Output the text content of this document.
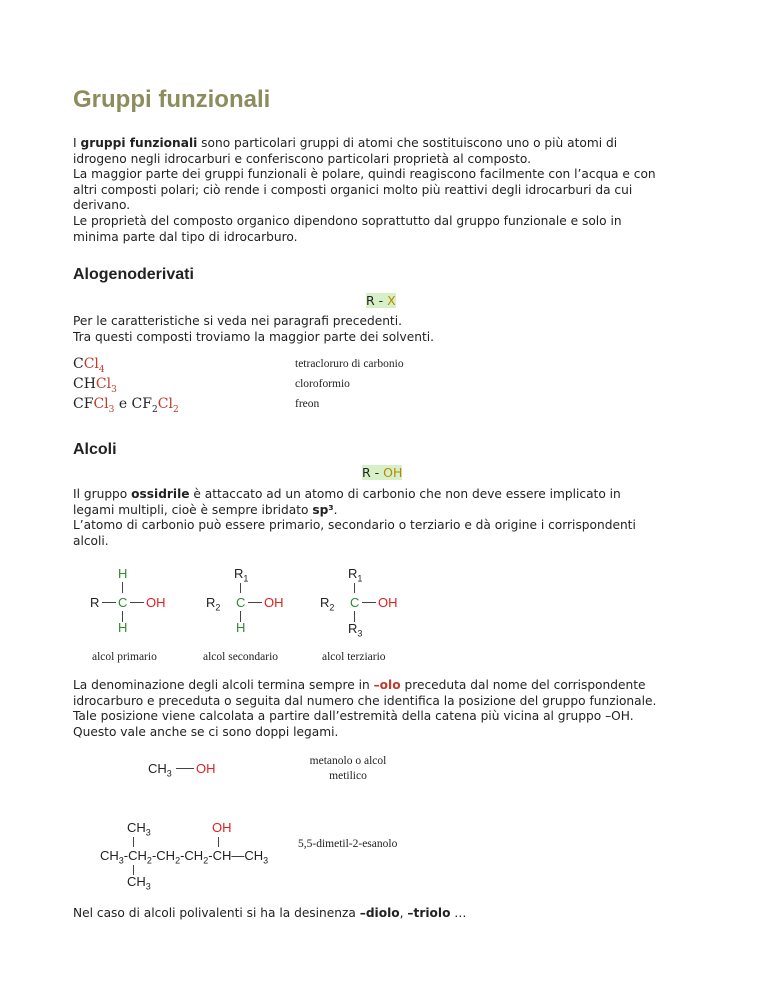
Gruppi funzionali
I gruppi funzionali sono particolari gruppi di atomi che sostituiscono uno o più atomi di
idrogeno negli idrocarburi e conferiscono particolari proprietà al composto.
La maggior parte dei gruppi funzionali è polare, quindi reagiscono facilmente con l’acqua e con
altri composti polari; ciò rende i composti organici molto più reattivi degli idrocarburi da cui
derivano.
Le proprietà del composto organico dipendono soprattutto dal gruppo funzionale e solo in
minima parte dal tipo di idrocarburo.
Alogenoderivati
R - X
Per le caratteristiche si veda nei paragrafi precedenti.
Tra questi composti troviamo la maggior parte dei solventi.
CCl$_4$	tetracloruro di carbonio
CHCl$_3$	cloroformio
CFCl$_3$ e $CF_2Cl_2$	freon
Alcoli
R - OH
Il gruppo ossidrile è attaccato ad un atomo di carbonio che non deve essere implicato in
legami multipli, cioè è sempre ibridato sp³.
L’atomo di carbonio può essere primario, secondario o terziario e dà origine i corrispondenti
alcoli.
H
R C OH
H
alcol primario
$R_1$
$R_2$ C OH
H
alcol secondario
$R_1$
$R_2$ C OH
$R_3$
alcol terziario
La denominazione degli alcoli termina sempre in –olo preceduta dal nome del corrispondente
idrocarburo e preceduta o seguita dal numero che identifica la posizione del gruppo funzionale.
Tale posizione viene calcolata a partire dall’estremità della catena più vicina al gruppo –OH.
Questo vale anche se ci sono doppi legami.
$CH_3$ OH	metanolo o alcol
metilico
$CH_3$	OH
$CH_3-CH_2-CH_2-CH_2-CH—CH_3$
$CH_3$
5,5-dimetil-2-esanolo
Nel caso di alcoli polivalenti si ha la desinenza –diolo, –triolo …
